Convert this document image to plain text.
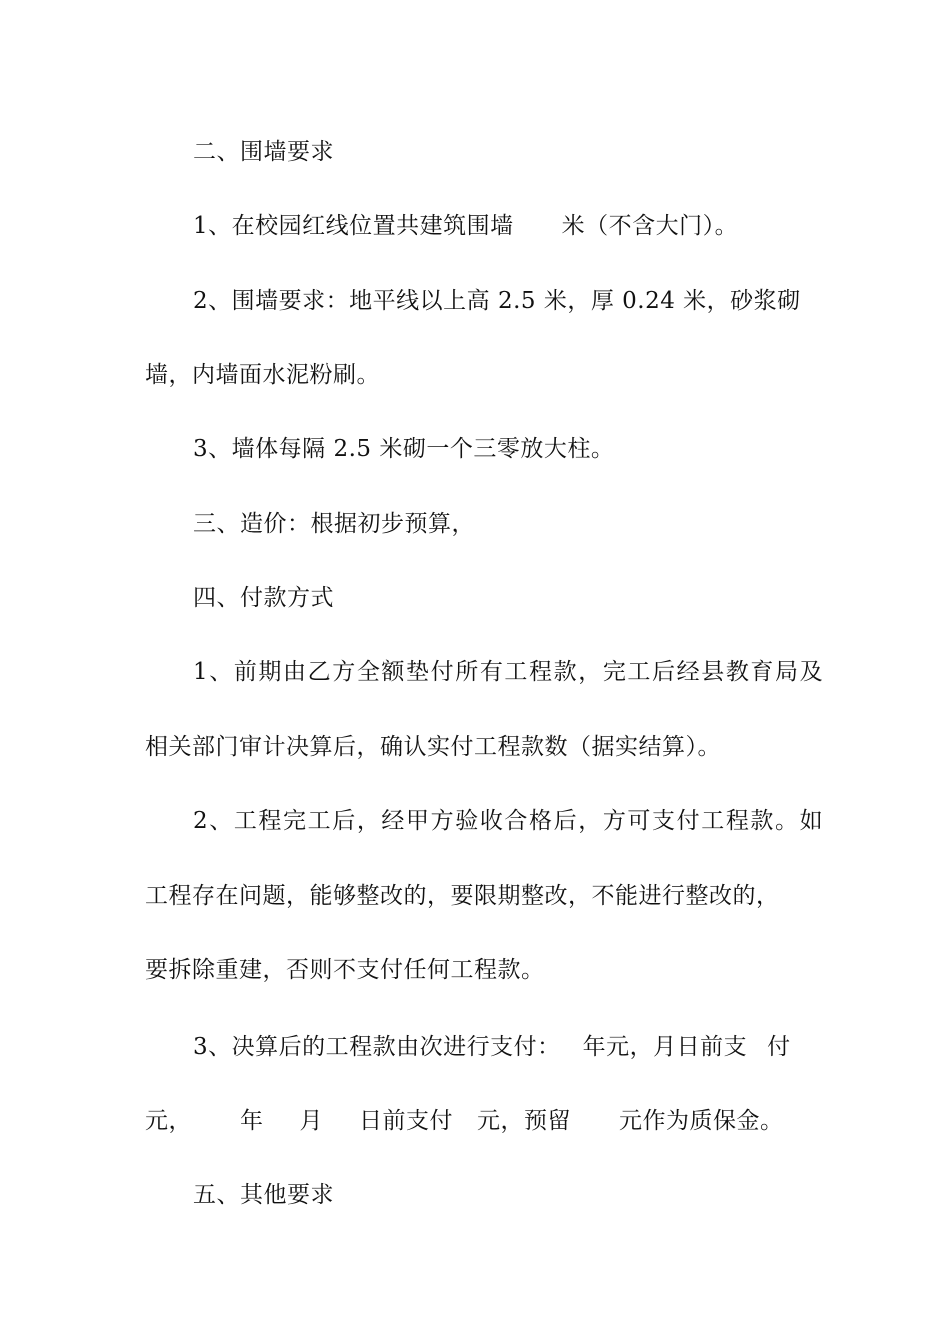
二、围墙要求
1、在校园红线位置共建筑围墙 米（不含大门）。
2、围墙要求：地平线以上高 2.5 米，厚 0.24 米，砂浆砌
墙，内墙面水泥粉刷。
3、墙体每隔 2.5 米砌一个三零放大柱。
三、造价：根据初步预算，
四、付款方式
1、前期由乙方全额垫付所有工程款，完工后经县教育局及
相关部门审计决算后，确认实付工程款数（据实结算）。
2、工程完工后，经甲方验收合格后，方可支付工程款。如
工程存在问题，能够整改的，要限期整改，不能进行整改的，
要拆除重建，否则不支付任何工程款。
3、决算后的工程款由次进行支付： 年元，月日前支 付
元， 年 月 日前支付 元，预留 元作为质保金。
五、其他要求
